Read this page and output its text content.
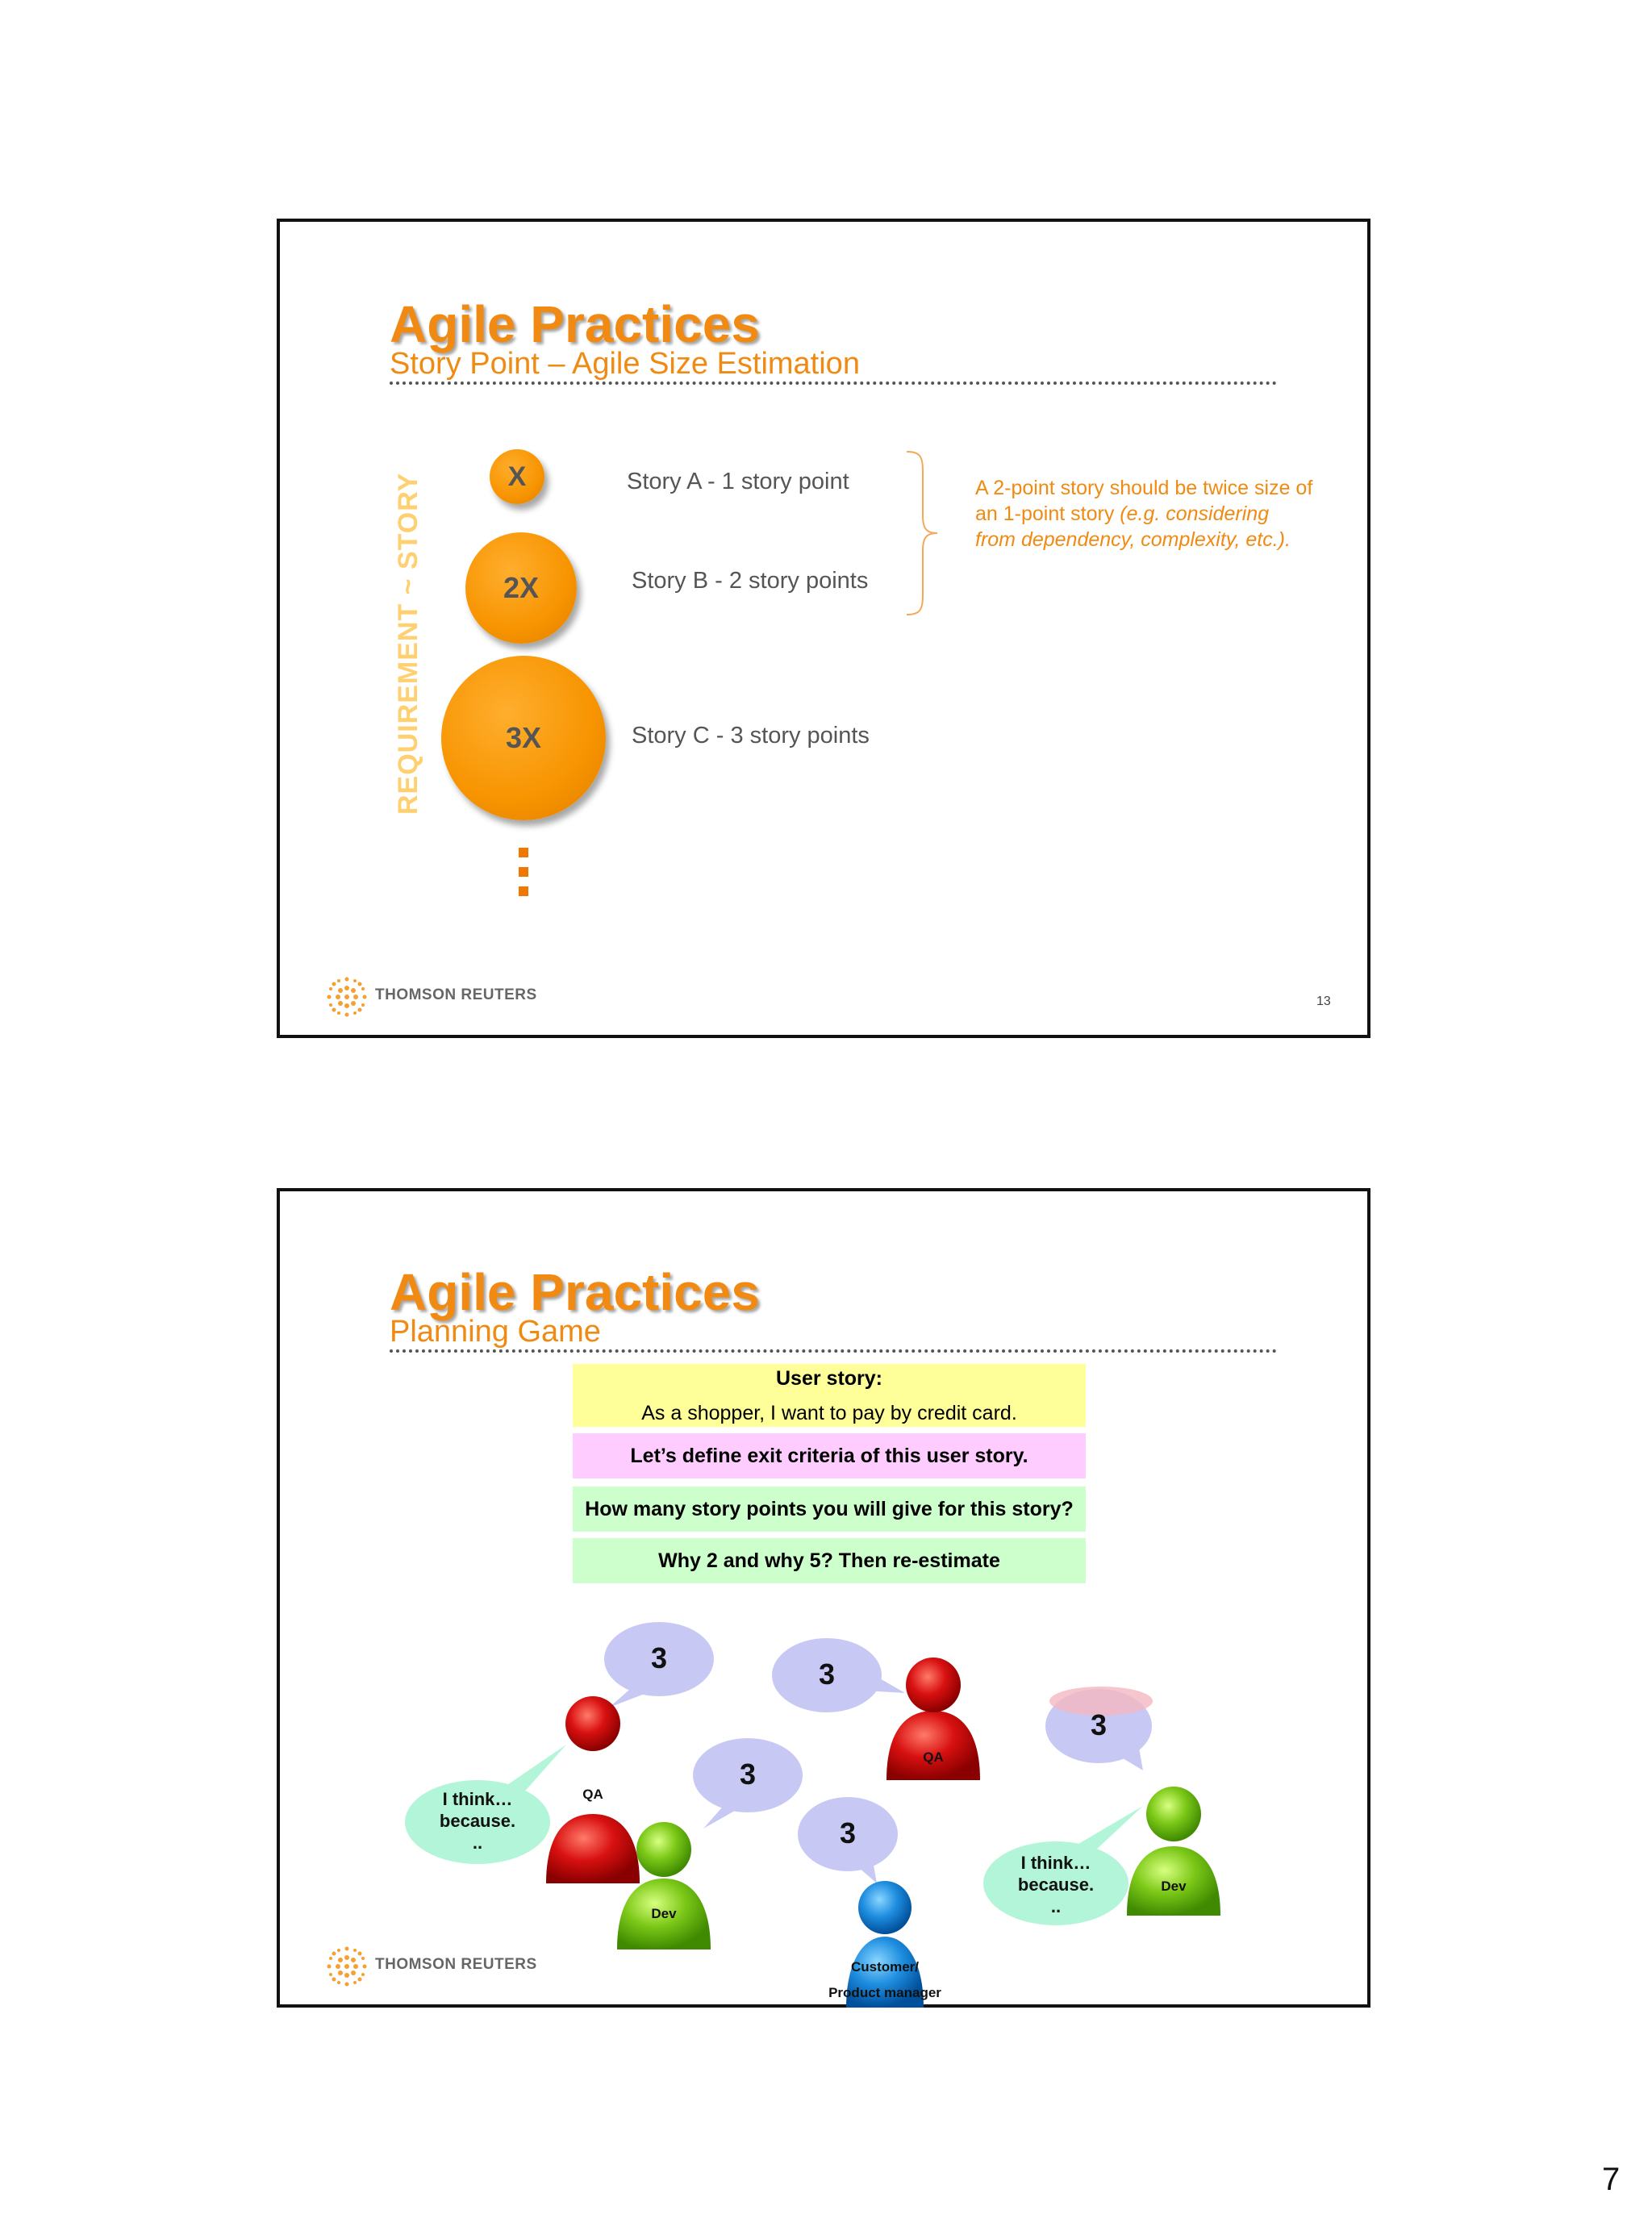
Agile Practices
Story Point – Agile Size Estimation
REQUIREMENT ~ STORY	X
2X
3X
Story A - 1 story point
Story B - 2 story points
Story C - 3 story points
A 2-point story should be twice size of an 1-point story (e.g. considering from dependency, complexity, etc.).
THOMSON REUTERS	13
Agile Practices
Planning Game
User story:
As a shopper, I want to pay by credit card.
Let’s define exit criteria of this user story.
How many story points you will give for this story?
Why 2 and why 5? Then re-estimate
3	3
3
3
3
I think…
because.
..
I think…
because.
..
QA
Dev
QA
Dev
Customer/
Product manager
THOMSON REUTERS
7
